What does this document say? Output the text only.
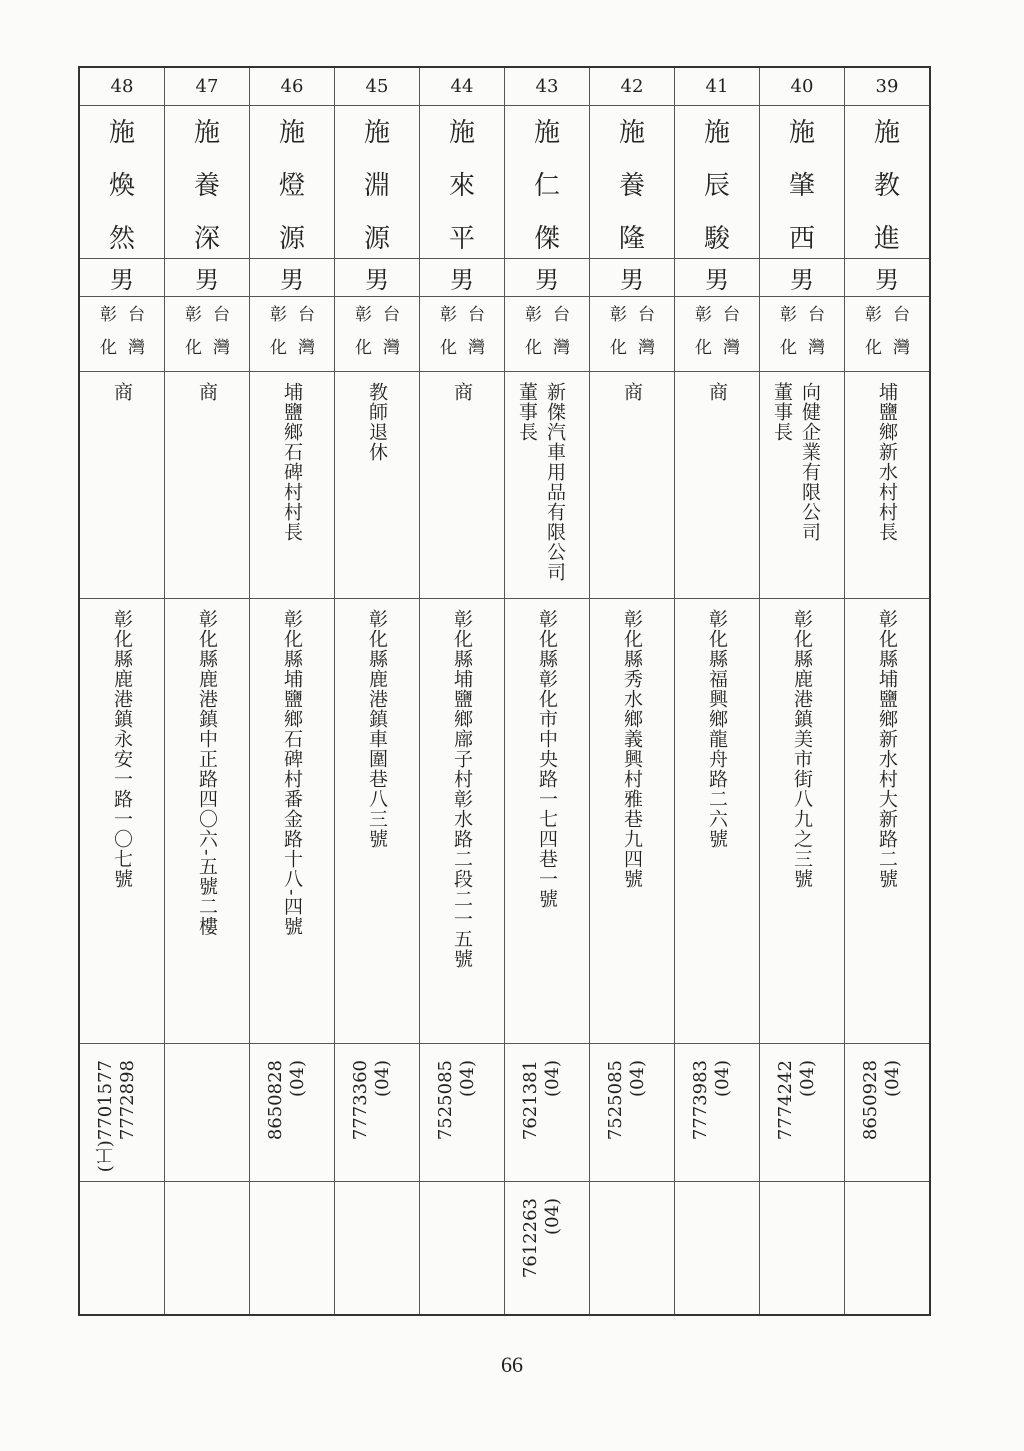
48
施
煥
然
男
台灣
彰化
商
彰化縣鹿港鎮永安一路一〇七號
7772898
(工)7701577
47
施
養
深
男
台灣
彰化
商
彰化縣鹿港鎮中正路四〇六-五號二樓
46
施
燈
源
男
台灣
彰化
埔鹽鄉石碑村村長
彰化縣埔鹽鄉石碑村番金路十八-四號
(04)
8650828
45
施
淵
源
男
台灣
彰化
教師退休
彰化縣鹿港鎮車圍巷八三號
(04)
7773360
44
施
來
平
男
台灣
彰化
商
彰化縣埔鹽鄉廍子村彰水路二段二一五號
(04)
7525085
43
施
仁
傑
男
台灣
彰化
新傑汽車用品有限公司
董事長
彰化縣彰化市中央路一七四巷一號
(04)
7621381
(04)
7612263
42
施
養
隆
男
台灣
彰化
商
彰化縣秀水鄉義興村雅巷九四號
(04)
7525085
41
施
辰
駿
男
台灣
彰化
商
彰化縣福興鄉龍舟路二六號
(04)
7773983
40
施
肇
西
男
台灣
彰化
向健企業有限公司
董事長
彰化縣鹿港鎮美市街八九之三號
(04)
7774242
39
施
教
進
男
台灣
彰化
埔鹽鄉新水村村長
彰化縣埔鹽鄉新水村大新路二號
(04)
8650928
66
